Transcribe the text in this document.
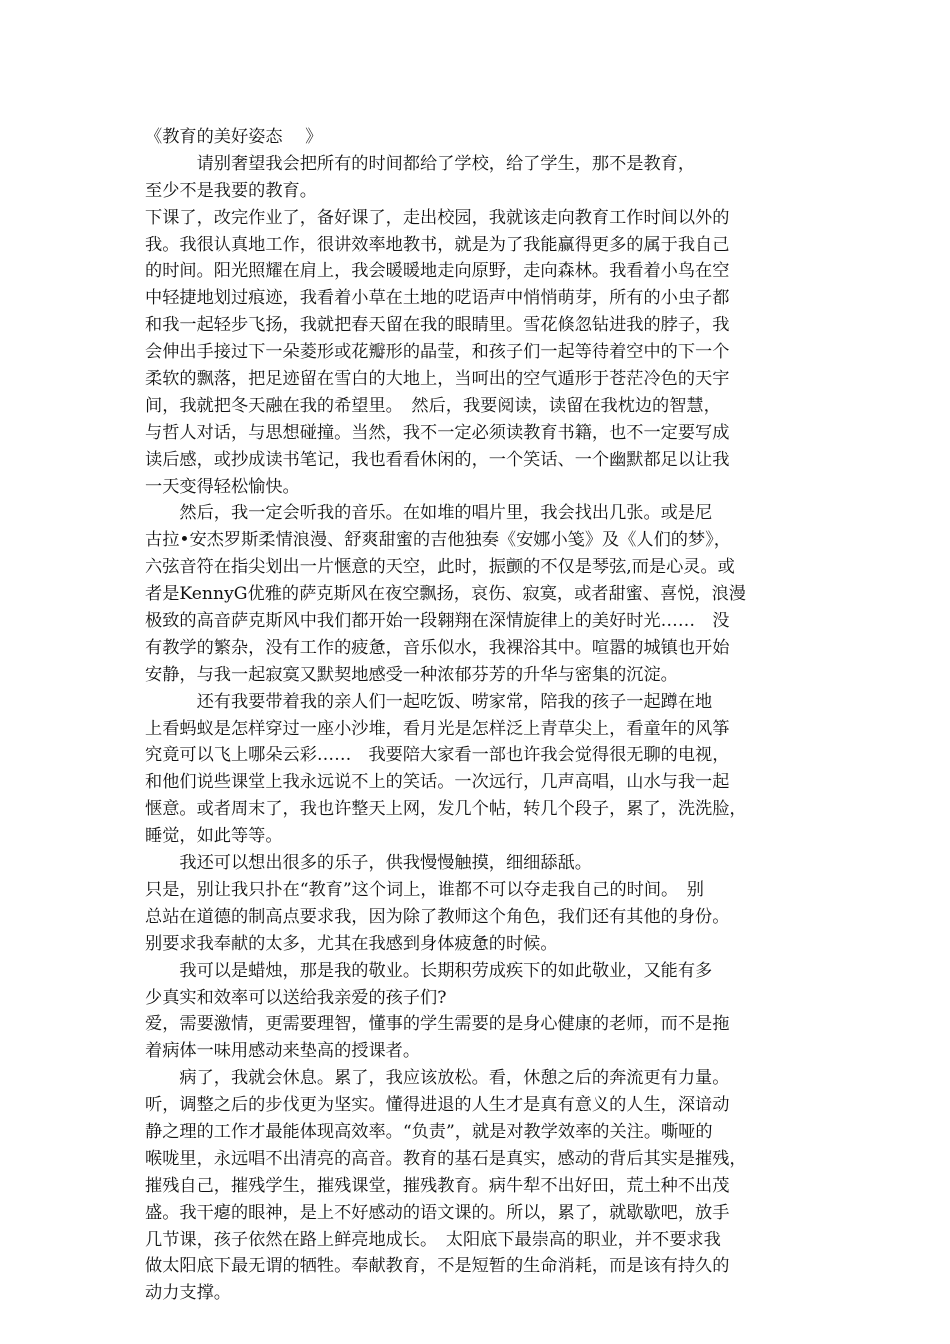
《教育的美好姿态　 》
　　　请别奢望我会把所有的时间都给了学校，给了学生，那不是教育，
至少不是我要的教育。
下课了，改完作业了，备好课了，走出校园，我就该走向教育工作时间以外的
我。我很认真地工作，很讲效率地教书，就是为了我能赢得更多的属于我自己
的时间。阳光照耀在肩上，我会暖暖地走向原野，走向森林。我看着小鸟在空
中轻捷地划过痕迹，我看着小草在土地的呓语声中悄悄萌芽，所有的小虫子都
和我一起轻步飞扬，我就把春天留在我的眼睛里。雪花倏忽钻进我的脖子，我
会伸出手接过下一朵菱形或花瓣形的晶莹，和孩子们一起等待着空中的下一个
柔软的飘落，把足迹留在雪白的大地上，当呵出的空气遁形于苍茫冷色的天宇
间，我就把冬天融在我的希望里。　然后，我要阅读，读留在我枕边的智慧，
与哲人对话，与思想碰撞。当然，我不一定必须读教育书籍，也不一定要写成
读后感，或抄成读书笔记，我也看看休闲的，一个笑话、一个幽默都足以让我
一天变得轻松愉快。
　　然后，我一定会听我的音乐。在如堆的唱片里，我会找出几张。或是尼
古拉•安杰罗斯柔情浪漫、舒爽甜蜜的吉他独奏《安娜小笺》及《人们的梦》，
六弦音符在指尖划出一片惬意的天空，此时，振颤的不仅是琴弦,而是心灵。或
者是KennyG优雅的萨克斯风在夜空飘扬，哀伤、寂寞，或者甜蜜、喜悦，浪漫
极致的高音萨克斯风中我们都开始一段翱翔在深情旋律上的美好时光……　没
有教学的繁杂，没有工作的疲惫，音乐似水，我裸浴其中。喧嚣的城镇也开始
安静，与我一起寂寞又默契地感受一种浓郁芬芳的升华与密集的沉淀。
　　　还有我要带着我的亲人们一起吃饭、唠家常，陪我的孩子一起蹲在地
上看蚂蚁是怎样穿过一座小沙堆，看月光是怎样泛上青草尖上，看童年的风筝
究竟可以飞上哪朵云彩……　我要陪大家看一部也许我会觉得很无聊的电视，
和他们说些课堂上我永远说不上的笑话。一次远行，几声高唱，山水与我一起
惬意。或者周末了，我也许整天上网，发几个帖，转几个段子，累了，洗洗脸，
睡觉，如此等等。
　　我还可以想出很多的乐子，供我慢慢触摸，细细舔舐。
只是，别让我只扑在“教育”这个词上，谁都不可以夺走我自己的时间。　别
总站在道德的制高点要求我，因为除了教师这个角色，我们还有其他的身份。
别要求我奉献的太多，尤其在我感到身体疲惫的时候。
　　我可以是蜡烛，那是我的敬业。长期积劳成疾下的如此敬业，又能有多
少真实和效率可以送给我亲爱的孩子们?
爱，需要激情，更需要理智，懂事的学生需要的是身心健康的老师，而不是拖
着病体一味用感动来垫高的授课者。
　　病了，我就会休息。累了，我应该放松。看，休憩之后的奔流更有力量。
听，调整之后的步伐更为坚实。懂得进退的人生才是真有意义的人生，深谙动
静之理的工作才最能体现高效率。“负责”，就是对教学效率的关注。嘶哑的
喉咙里，永远唱不出清亮的高音。教育的基石是真实，感动的背后其实是摧残，
摧残自己，摧残学生，摧残课堂，摧残教育。病牛犁不出好田，荒土种不出茂
盛。我干瘪的眼神，是上不好感动的语文课的。所以，累了，就歇歇吧，放手
几节课，孩子依然在路上鲜亮地成长。　太阳底下最崇高的职业，并不要求我
做太阳底下最无谓的牺牲。奉献教育，不是短暂的生命消耗，而是该有持久的
动力支撑。
